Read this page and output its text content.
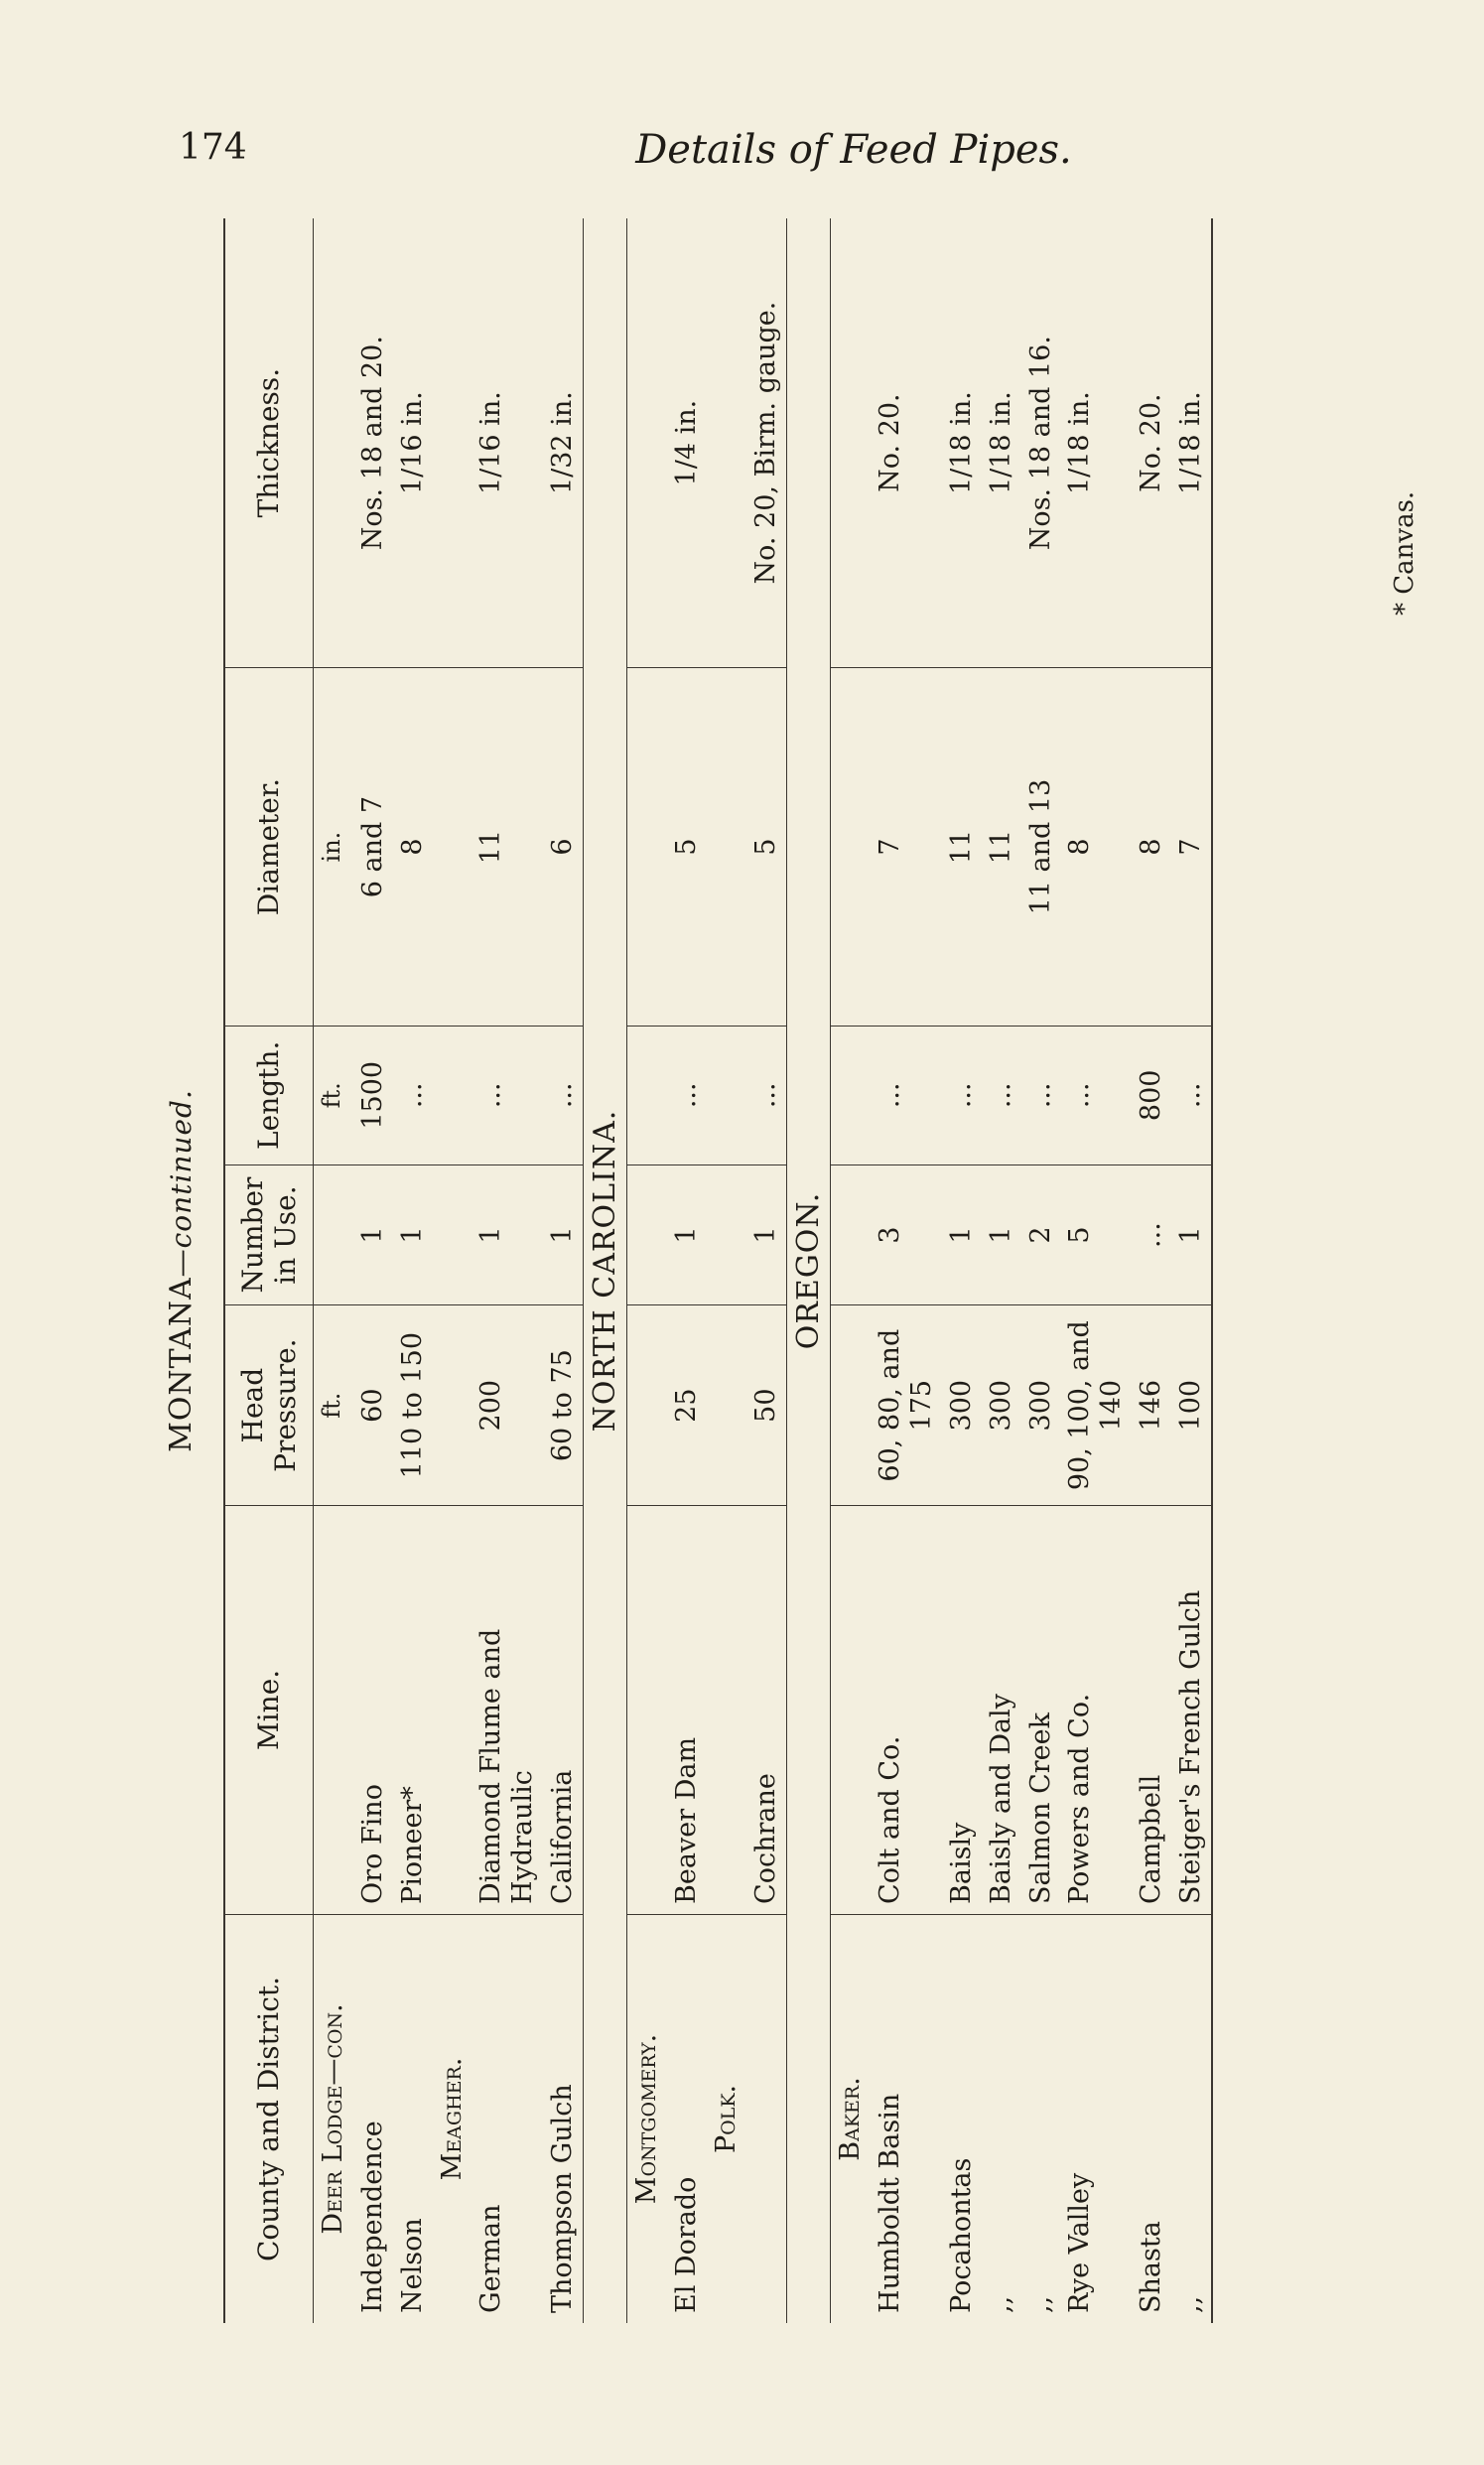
174	Details of Feed Pipes.
MONTANA—continued.
County and District.	Mine.	Head Pressure.	Number in Use.	Length.	Diameter.	Thickness.
Deer Lodge—con.		ft.		ft.	in.	
Independence	Oro Fino	60	1	1500	6 and 7	Nos. 18 and 20.
Nelson	Pioneer*	110 to 150	1	...	8	1/16 in.
Meagher.						
German	Diamond Flume and Hydraulic	200	1	...	11	1/16 in.
Thompson Gulch	California	60 to 75	1	...	6	1/32 in.
NORTH CAROLINA.						
Montgomery.						
El Dorado	Beaver Dam	25	1	...	5	1/4 in.
Polk.						
	Cochrane	50	1	...	5	No. 20, Birm. gauge.
OREGON.						
Baker.						
Humboldt Basin	Colt and Co.	60, 80, and 175	3	...	7	No. 20.
Pocahontas	Baisly	300	1	...	11	1/18 in.
,,	Baisly and Daly	300	1	...	11	1/18 in.
,,	Salmon Creek	300	2	...	11 and 13	Nos. 18 and 16.
Rye Valley	Powers and Co.	90, 100, and 140	5	...	8	1/18 in.
Shasta	Campbell	146	...	800	8	No. 20.
,,	Steiger's French Gulch	100	1	...	7	1/18 in.
* Canvas.
